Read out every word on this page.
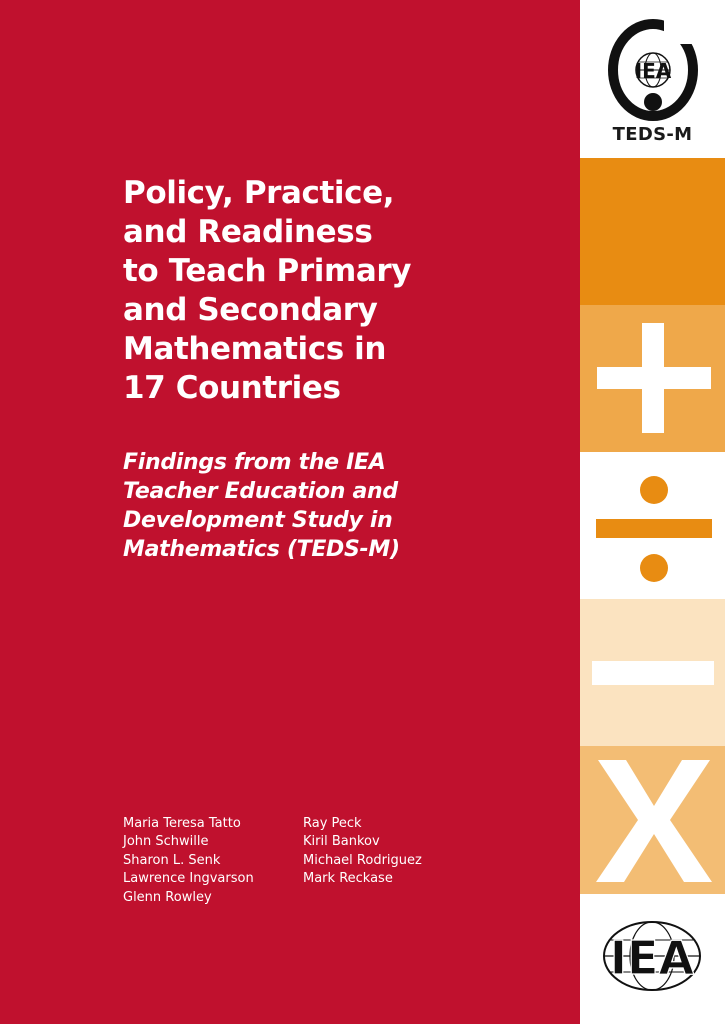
Policy, Practice,
and Readiness
to Teach Primary
and Secondary
Mathematics in
17 Countries
Findings from the IEA
Teacher Education and
Development Study in
Mathematics (TEDS-M)
Maria Teresa Tatto
John Schwille
Sharon L. Senk
Lawrence Ingvarson
Glenn Rowley
Ray Peck
Kiril Bankov
Michael Rodriguez
Mark Reckase
IEA
TEDS-M
IEA
